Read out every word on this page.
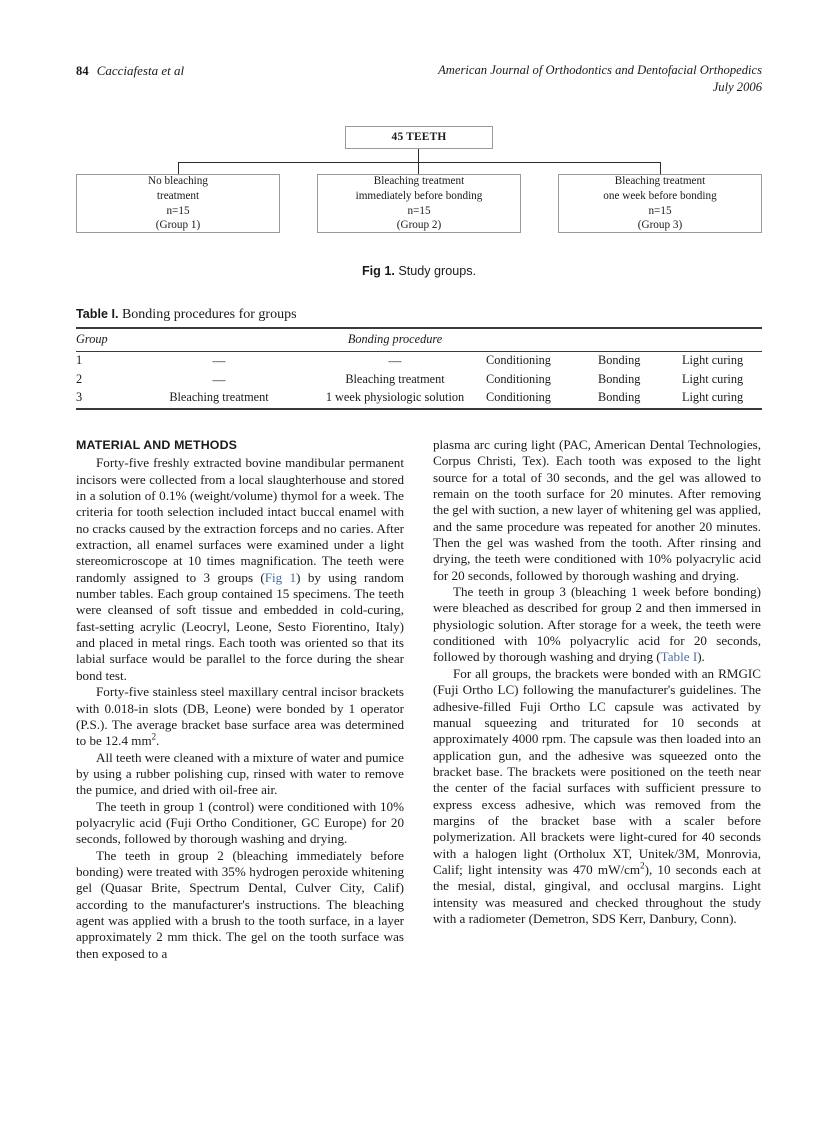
84 Cacciafesta et al	American Journal of Orthodontics and Dentofacial Orthopedics
July 2006
45 TEETH
No bleaching
treatment
n=15
(Group 1)
Bleaching treatment
immediately before bonding
n=15
(Group 2)
Bleaching treatment
one week before bonding
n=15
(Group 3)
Fig 1. Study groups.
Table I. Bonding procedures for groups
Group		Bonding procedure			
1	—	—	Conditioning	Bonding	Light curing
2	—	Bleaching treatment	Conditioning	Bonding	Light curing
3	Bleaching treatment	1 week physiologic solution	Conditioning	Bonding	Light curing
MATERIAL AND METHODS

Forty-five freshly extracted bovine mandibular permanent incisors were collected from a local slaughterhouse and stored in a solution of 0.1% (weight/volume) thymol for a week. The criteria for tooth selection included intact buccal enamel with no cracks caused by the extraction forceps and no caries. After extraction, all enamel surfaces were examined under a light stereomicroscope at 10 times magnification. The teeth were randomly assigned to 3 groups (Fig 1) by using random number tables. Each group contained 15 specimens. The teeth were cleansed of soft tissue and embedded in cold-curing, fast-setting acrylic (Leocryl, Leone, Sesto Fiorentino, Italy) and placed in metal rings. Each tooth was oriented so that its labial surface would be parallel to the force during the shear bond test.

Forty-five stainless steel maxillary central incisor brackets with 0.018-in slots (DB, Leone) were bonded by 1 operator (P.S.). The average bracket base surface area was determined to be 12.4 $mm^2$.

All teeth were cleaned with a mixture of water and pumice by using a rubber polishing cup, rinsed with water to remove the pumice, and dried with oil-free air.

The teeth in group 1 (control) were conditioned with 10% polyacrylic acid (Fuji Ortho Conditioner, GC Europe) for 20 seconds, followed by thorough washing and drying.

The teeth in group 2 (bleaching immediately before bonding) were treated with 35% hydrogen peroxide whitening gel (Quasar Brite, Spectrum Dental, Culver City, Calif) according to the manufacturer's instructions. The bleaching agent was applied with a brush to the tooth surface, in a layer approximately 2 mm thick. The gel on the tooth surface was then exposed to a

plasma arc curing light (PAC, American Dental Technologies, Corpus Christi, Tex). Each tooth was exposed to the light source for a total of 30 seconds, and the gel was allowed to remain on the tooth surface for 20 minutes. After removing the gel with suction, a new layer of whitening gel was applied, and the same procedure was repeated for another 20 minutes. Then the gel was washed from the tooth. After rinsing and drying, the teeth were conditioned with 10% polyacrylic acid for 20 seconds, followed by thorough washing and drying.

The teeth in group 3 (bleaching 1 week before bonding) were bleached as described for group 2 and then immersed in physiologic solution. After storage for a week, the teeth were conditioned with 10% polyacrylic acid for 20 seconds, followed by thorough washing and drying (Table I).

For all groups, the brackets were bonded with an RMGIC (Fuji Ortho LC) following the manufacturer's guidelines. The adhesive-filled Fuji Ortho LC capsule was activated by manual squeezing and triturated for 10 seconds at approximately 4000 rpm. The capsule was then loaded into an application gun, and the adhesive was squeezed onto the bracket base. The brackets were positioned on the teeth near the center of the facial surfaces with sufficient pressure to express excess adhesive, which was removed from the margins of the bracket base with a scaler before polymerization. All brackets were light-cured for 40 seconds with a halogen light (Ortholux XT, Unitek/3M, Monrovia, Calif; light intensity was 470 $mW/cm^2$), 10 seconds each at the mesial, distal, gingival, and occlusal margins. Light intensity was measured and checked throughout the study with a radiometer (Demetron, SDS Kerr, Danbury, Conn).
